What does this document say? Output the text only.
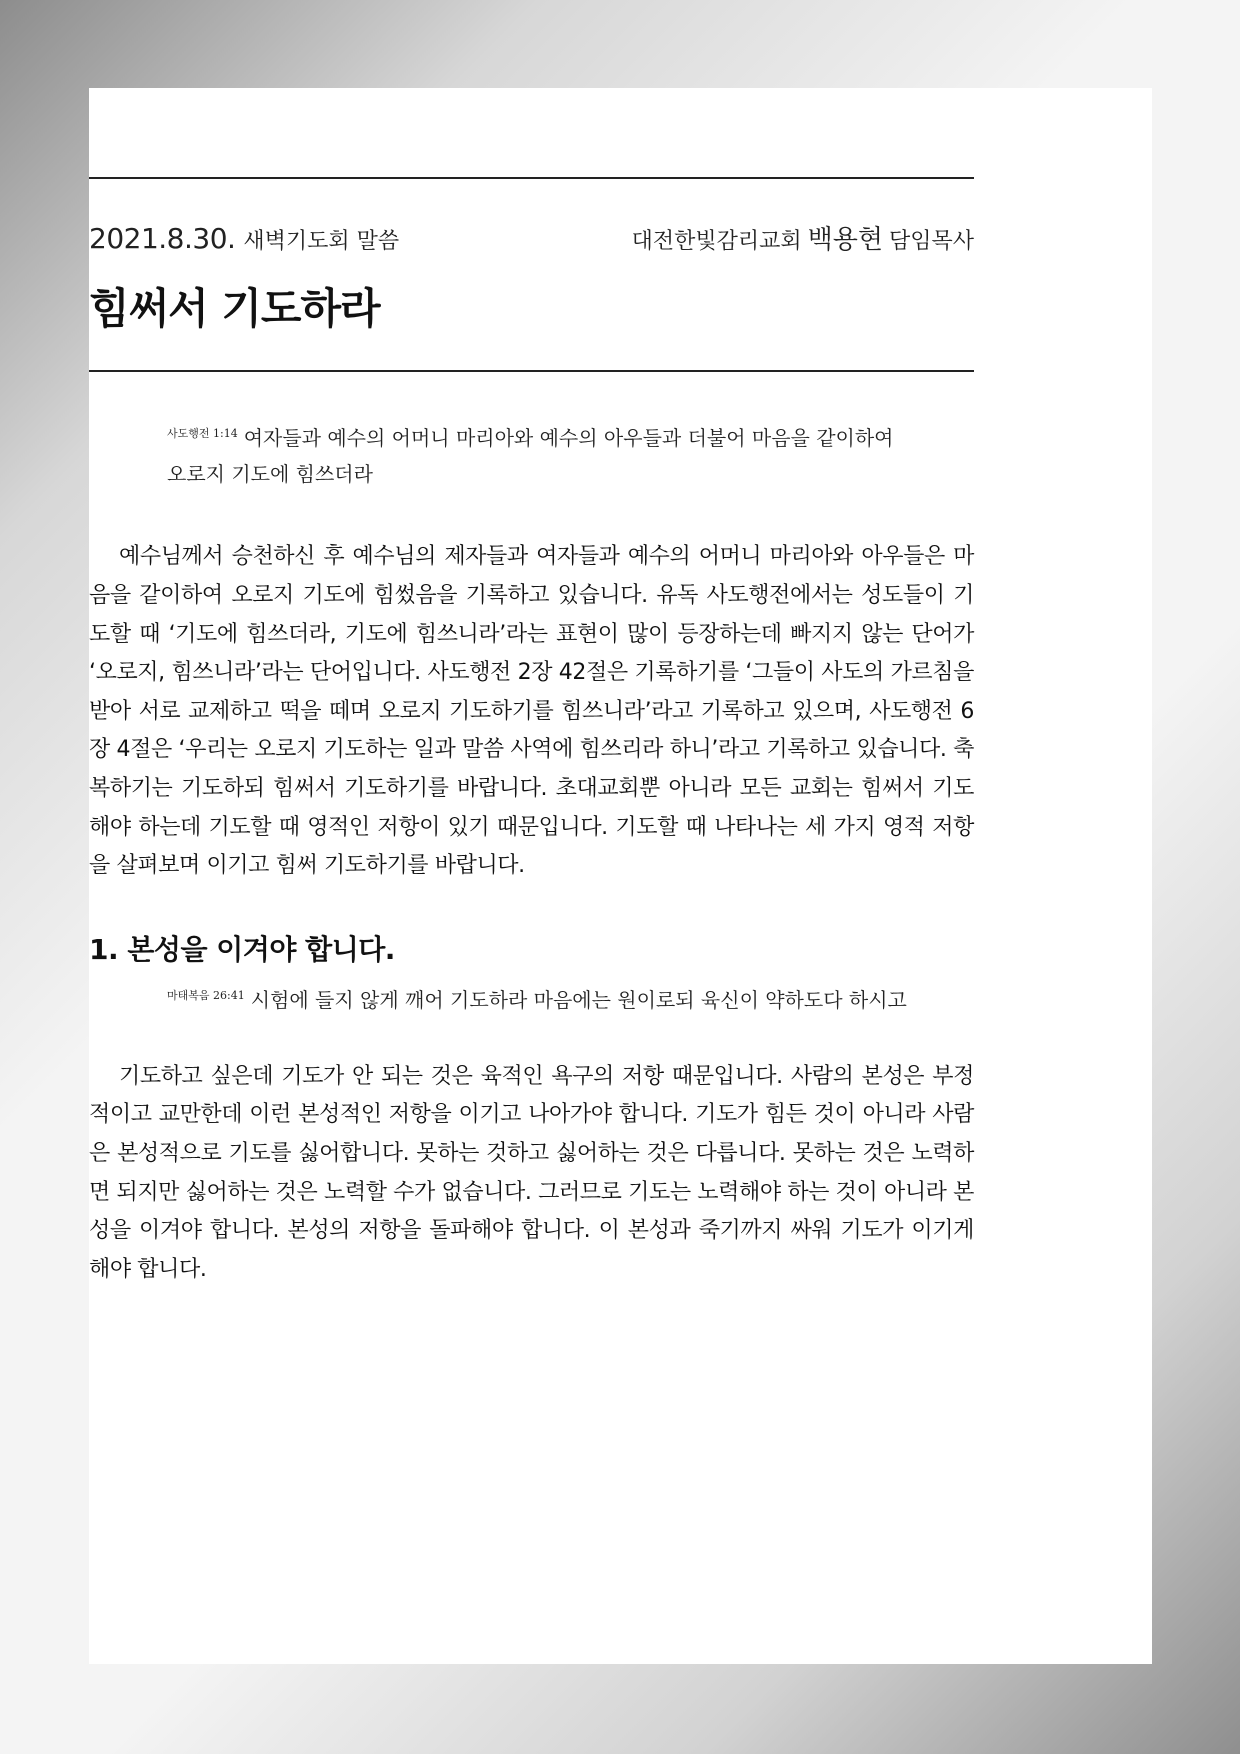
2021.8.30. 새벽기도회 말씀	대전한빛감리교회 백용현 담임목사
힘써서 기도하라
$^{사도행전 1:14}$ 여자들과 예수의 어머니 마리아와 예수의 아우들과 더불어 마음을 같이하여 오로지 기도에 힘쓰더라

예수님께서 승천하신 후 예수님의 제자들과 여자들과 예수의 어머니 마리아와 아우들은 마음을 같이하여 오로지 기도에 힘썼음을 기록하고 있습니다. 유독 사도행전에서는 성도들이 기도할 때 ‘기도에 힘쓰더라, 기도에 힘쓰니라’라는 표현이 많이 등장하는데 빠지지 않는 단어가 ‘오로지, 힘쓰니라’라는 단어입니다. 사도행전 2장 42절은 기록하기를 ‘그들이 사도의 가르침을 받아 서로 교제하고 떡을 떼며 오로지 기도하기를 힘쓰니라’라고 기록하고 있으며, 사도행전 6장 4절은 ‘우리는 오로지 기도하는 일과 말씀 사역에 힘쓰리라 하니’라고 기록하고 있습니다. 축복하기는 기도하되 힘써서 기도하기를 바랍니다. 초대교회뿐 아니라 모든 교회는 힘써서 기도해야 하는데 기도할 때 영적인 저항이 있기 때문입니다. 기도할 때 나타나는 세 가지 영적 저항을 살펴보며 이기고 힘써 기도하기를 바랍니다.

1. 본성을 이겨야 합니다.
$^{마태복음 26:41}$ 시험에 들지 않게 깨어 기도하라 마음에는 원이로되 육신이 약하도다 하시고

기도하고 싶은데 기도가 안 되는 것은 육적인 욕구의 저항 때문입니다. 사람의 본성은 부정적이고 교만한데 이런 본성적인 저항을 이기고 나아가야 합니다. 기도가 힘든 것이 아니라 사람은 본성적으로 기도를 싫어합니다. 못하는 것하고 싫어하는 것은 다릅니다. 못하는 것은 노력하면 되지만 싫어하는 것은 노력할 수가 없습니다. 그러므로 기도는 노력해야 하는 것이 아니라 본성을 이겨야 합니다. 본성의 저항을 돌파해야 합니다. 이 본성과 죽기까지 싸워 기도가 이기게 해야 합니다.
